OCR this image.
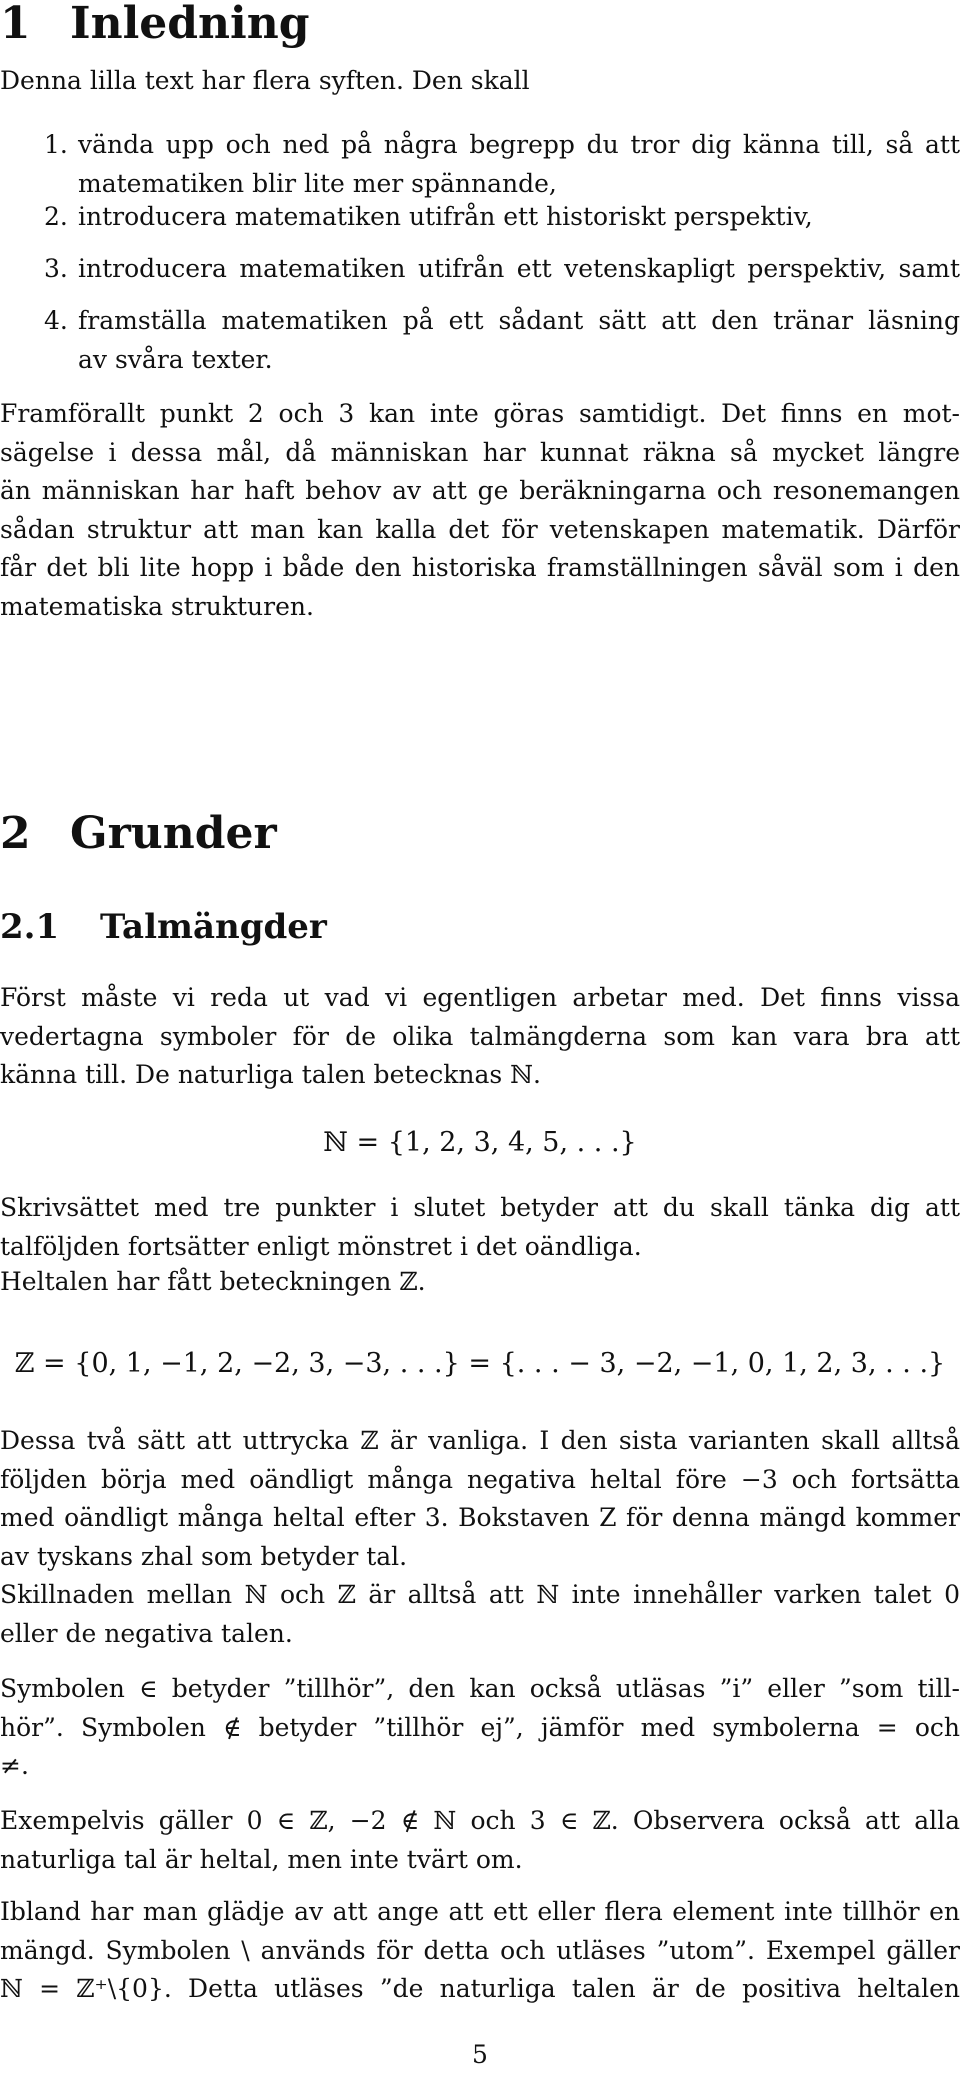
1 Inledning
Denna lilla text har flera syften. Den skall
1. vända upp och ned på några begrepp du tror dig känna till, så att
matematiken blir lite mer spännande,
2. introducera matematiken utifrån ett historiskt perspektiv,
3. introducera matematiken utifrån ett vetenskapligt perspektiv, samt
4. framställa matematiken på ett sådant sätt att den tränar läsning
av svåra texter.
Framförallt punkt 2 och 3 kan inte göras samtidigt. Det finns en mot-
sägelse i dessa mål, då människan har kunnat räkna så mycket längre
än människan har haft behov av att ge beräkningarna och resonemangen
sådan struktur att man kan kalla det för vetenskapen matematik. Därför
får det bli lite hopp i både den historiska framställningen såväl som i den
matematiska strukturen.
2 Grunder
2.1 Talmängder
Först måste vi reda ut vad vi egentligen arbetar med. Det finns vissa
vedertagna symboler för de olika talmängderna som kan vara bra att
känna till. De naturliga talen betecknas ℕ.
ℕ = {1, 2, 3, 4, 5, . . .}
Skrivsättet med tre punkter i slutet betyder att du skall tänka dig att
talföljden fortsätter enligt mönstret i det oändliga.
Heltalen har fått beteckningen ℤ.
ℤ = {0, 1, −1, 2, −2, 3, −3, . . .} = {. . . − 3, −2, −1, 0, 1, 2, 3, . . .}
Dessa två sätt att uttrycka ℤ är vanliga. I den sista varianten skall alltså
följden börja med oändligt många negativa heltal före −3 och fortsätta
med oändligt många heltal efter 3. Bokstaven Z för denna mängd kommer
av tyskans zhal som betyder tal.
Skillnaden mellan ℕ och ℤ är alltså att ℕ inte innehåller varken talet 0
eller de negativa talen.
Symbolen ∈ betyder ”tillhör”, den kan också utläsas ”i” eller ”som till-
hör”. Symbolen ∉ betyder ”tillhör ej”, jämför med symbolerna = och
≠.
Exempelvis gäller 0 ∈ ℤ, −2 ∉ ℕ och 3 ∈ ℤ. Observera också att alla
naturliga tal är heltal, men inte tvärt om.
Ibland har man glädje av att ange att ett eller flera element inte tillhör en
mängd. Symbolen \ används för detta och utläses ”utom”. Exempel gäller
ℕ = ℤ⁺\{0}. Detta utläses ”de naturliga talen är de positiva heltalen
5
